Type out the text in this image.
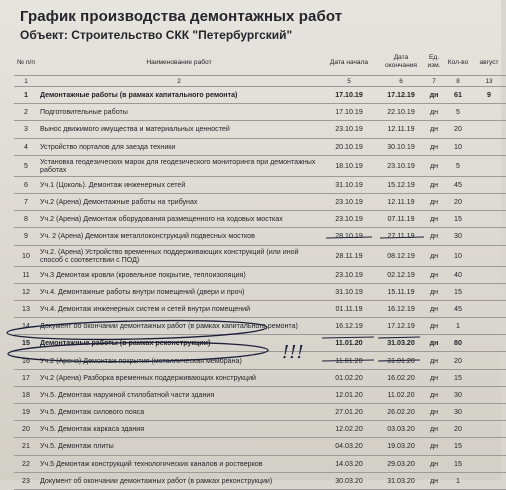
График производства демонтажных работ
Объект: Строительство СКК "Петербургский"
№ п/п	Наименование работ	Дата начала	Дата окончания	Ед. изм.	Кол-во	август
1	2	5	6	7	8	13
1	Демонтажные работы (в рамках капитального ремонта)	17.10.19	17.12.19	дн	61	9
2	Подготовительные работы	17.10.19	22.10.19	дн	5	
3	Вынос движимого имущества и материальных ценностей	23.10.19	12.11.19	дн	20	
4	Устройство порталов для заезда техники	20.10.19	30.10.19	дн	10	
5	Установка геодезических марок для геодезического мониторинга при демонтажных работах	18.10.19	23.10.19	дн	5	
6	Уч.1 (Цоколь). Демонтаж инженерных сетей	31.10.19	15.12.19	дн	45	
7	Уч.2 (Арена) Демонтажные работы на трибунах	23.10.19	12.11.19	дн	20	
8	Уч.2 (Арена) Демонтаж оборудования размещенного на ходовых мостках	23.10.19	07.11.19	дн	15	
9	Уч. 2 (Арена) Демонтаж металлоконструкций подвесных мостков	28.10.19	27.11.19	дн	30	
10	Уч.2. (Арена) Устройство временных поддерживающих конструкций (или иной способ с соответствии с ПОД)	28.11.19	08.12.19	дн	10	
11	Уч.3 Демонтаж кровли (кровельное покрытие, теплоизоляция)	23.10.19	02.12.19	дн	40	
12	Уч.4. Демонтажные работы внутри помещений (двери и проч)	31.10.19	15.11.19	дн	15	
13	Уч.4. Демонтаж инженерных систем и сетей внутри помещений	01.11.19	16.12.19	дн	45	
14	Документ об окончании демонтажных работ (в рамках капитального ремонта)	16.12.19	17.12.19	дн	1	
15	Демонтажные работы (в рамках реконструкции)	11.01.20	31.03.20	дн	80	
16	Уч.2 (Арена) Демонтаж покрытия (металлическая мембрана)	11.01.20	31.01.20	дн	20	
17	Уч.2 (Арена) Разборка временных поддерживающих конструкций	01.02.20	16.02.20	дн	15	
18	Уч.5. Демонтаж наружной стилобатной части здания	12.01.20	11.02.20	дн	30	
19	Уч.5. Демонтаж силового пояса	27.01.20	26.02.20	дн	30	
20	Уч.5. Демонтаж каркаса здания	12.02.20	03.03.20	дн	20	
21	Уч.5. Демонтаж плиты	04.03.20	19.03.20	дн	15	
22	Уч.5 Демонтаж конструкций технологических каналов и ростверков	14.03.20	29.03.20	дн	15	
23	Документ об окончании демонтажных работ (в рамках реконструкции)	30.03.20	31.03.20	дн	1	
!!!
